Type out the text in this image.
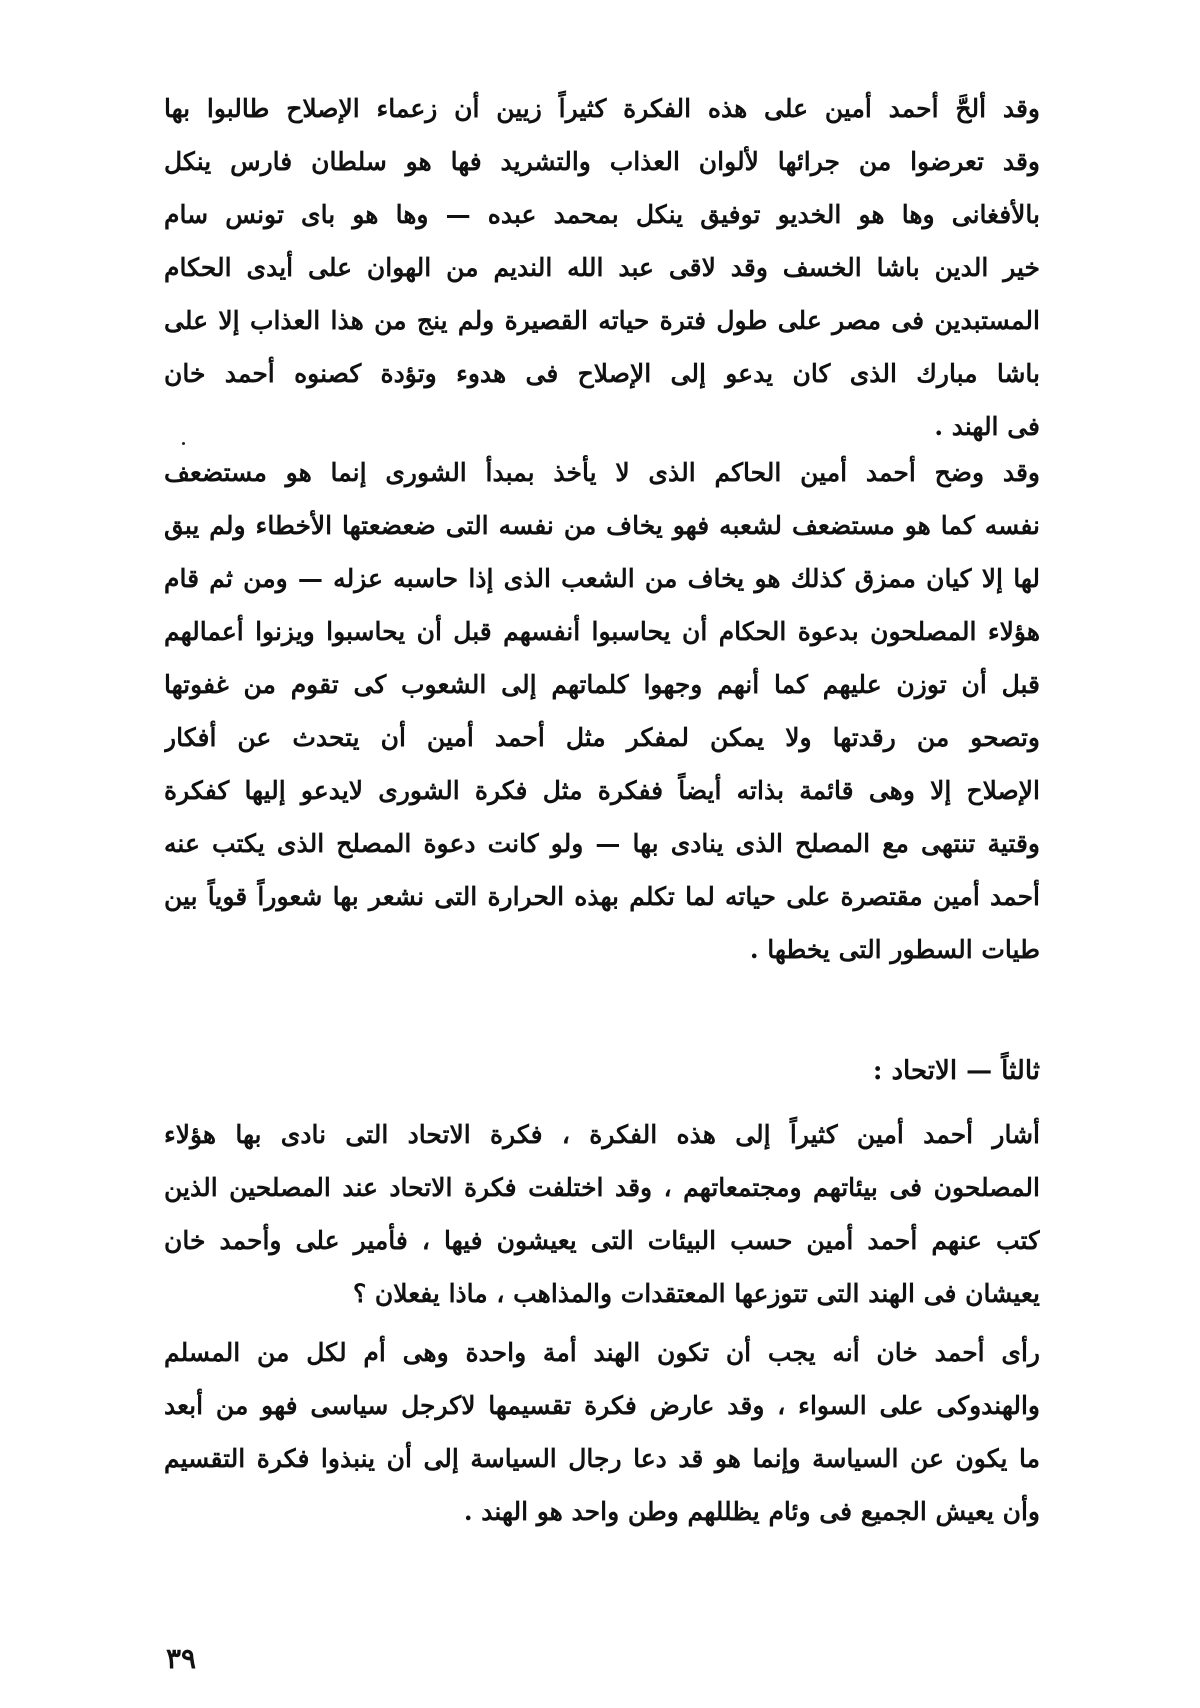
وقد ألحَّ أحمد أمين على هذه الفكرة كثيراً زيين أن زعماء الإصلاح طالبوا بها
وقد تعرضوا من جرائها لألوان العذاب والتشريد فها هو سلطان فارس ينكل
بالأفغانى وها هو الخديو توفيق ينكل بمحمد عبده — وها هو باى تونس سام
خير الدين باشا الخسف وقد لاقى عبد الله النديم من الهوان على أيدى الحكام
المستبدين فى مصر على طول فترة حياته القصيرة ولم ينج من هذا العذاب إلا على
باشا مبارك الذى كان يدعو إلى الإصلاح فى هدوء وتؤدة كصنوه أحمد خان
فى الهند .
وقد وضح أحمد أمين الحاكم الذى لا يأخذ بمبدأ الشورى إنما هو مستضعف
نفسه كما هو مستضعف لشعبه فهو يخاف من نفسه التى ضعضعتها الأخطاء ولم يبق
لها إلا كيان ممزق كذلك هو يخاف من الشعب الذى إذا حاسبه عزله — ومن ثم قام
هؤلاء المصلحون بدعوة الحكام أن يحاسبوا أنفسهم قبل أن يحاسبوا ويزنوا أعمالهم
قبل أن توزن عليهم كما أنهم وجهوا كلماتهم إلى الشعوب كى تقوم من غفوتها
وتصحو من رقدتها ولا يمكن لمفكر مثل أحمد أمين أن يتحدث عن أفكار
الإصلاح إلا وهى قائمة بذاته أيضاً ففكرة مثل فكرة الشورى لايدعو إليها كفكرة
وقتية تنتهى مع المصلح الذى ينادى بها — ولو كانت دعوة المصلح الذى يكتب عنه
أحمد أمين مقتصرة على حياته لما تكلم بهذه الحرارة التى نشعر بها شعوراً قوياً بين
طيات السطور التى يخطها .
ثالثاً — الاتحاد :
أشار أحمد أمين كثيراً إلى هذه الفكرة ، فكرة الاتحاد التى نادى بها هؤلاء
المصلحون فى بيئاتهم ومجتمعاتهم ، وقد اختلفت فكرة الاتحاد عند المصلحين الذين
كتب عنهم أحمد أمين حسب البيئات التى يعيشون فيها ، فأمير على وأحمد خان
يعيشان فى الهند التى تتوزعها المعتقدات والمذاهب ، ماذا يفعلان ؟
رأى أحمد خان أنه يجب أن تكون الهند أمة واحدة وهى أم لكل من المسلم
والهندوكى على السواء ، وقد عارض فكرة تقسيمها لاكرجل سياسى فهو من أبعد
ما يكون عن السياسة وإنما هو قد دعا رجال السياسة إلى أن ينبذوا فكرة التقسيم
وأن يعيش الجميع فى وئام يظللهم وطن واحد هو الهند .
٣٩
